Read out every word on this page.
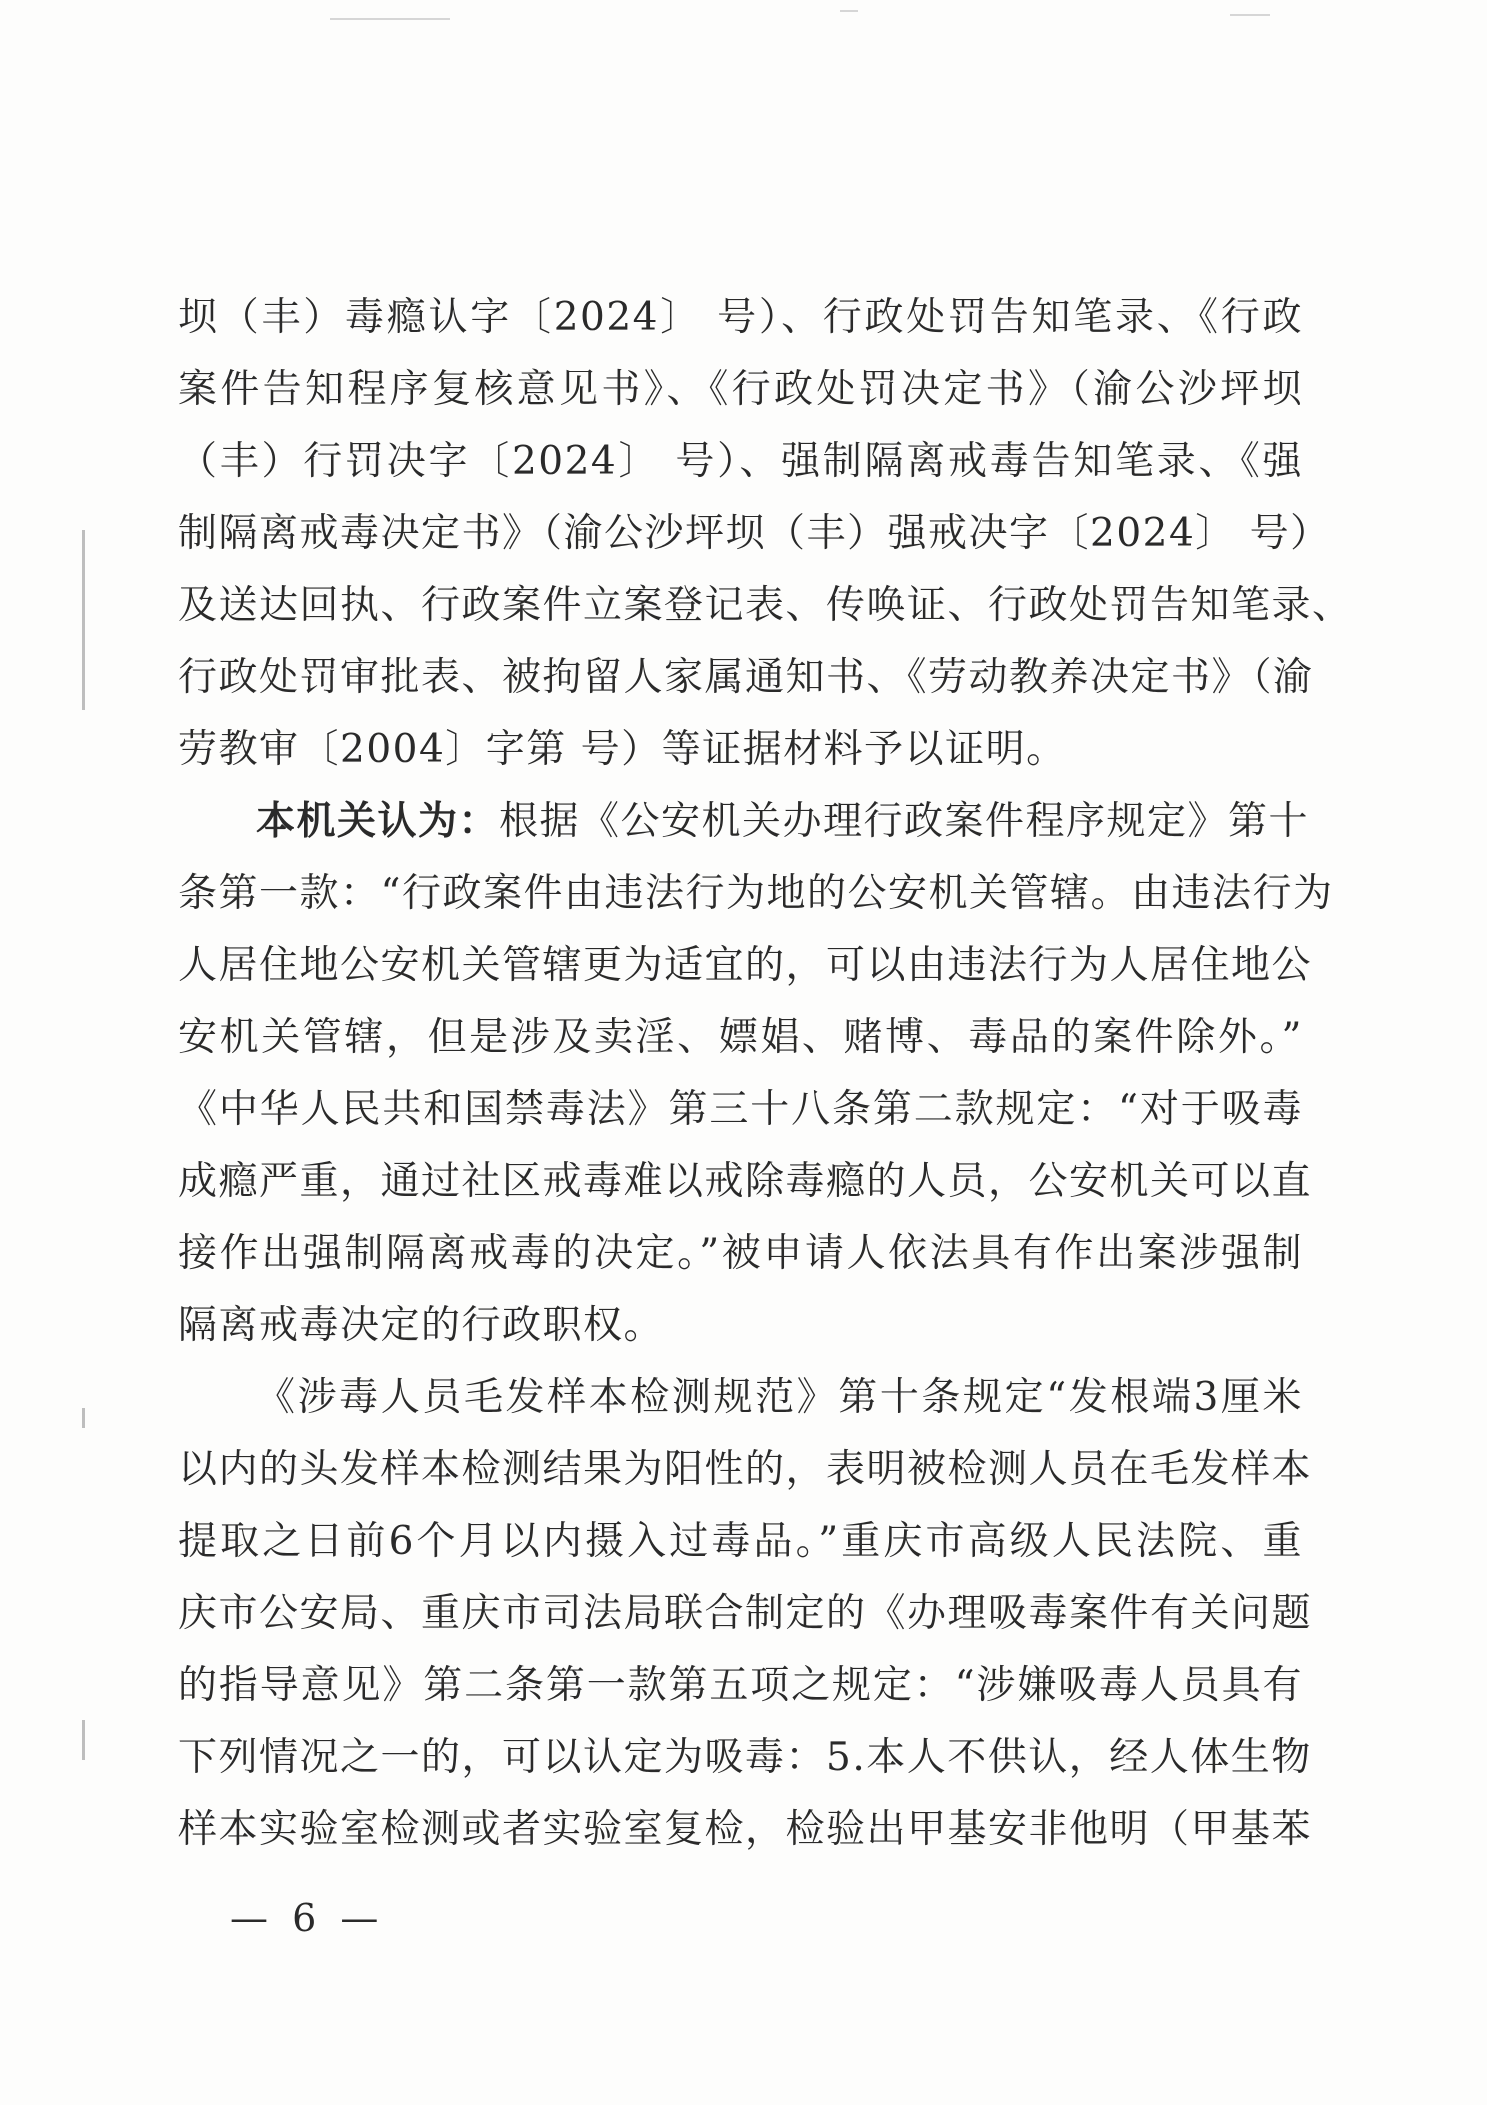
坝（丰）毒瘾认字〔2024〕 号）、行政处罚告知笔录、《行政
案件告知程序复核意见书》、《行政处罚决定书》（渝公沙坪坝
（丰）行罚决字〔2024〕 号）、强制隔离戒毒告知笔录、《强
制隔离戒毒决定书》（渝公沙坪坝（丰）强戒决字〔2024〕 号）
及送达回执、行政案件立案登记表、传唤证、行政处罚告知笔录、
行政处罚审批表、被拘留人家属通知书、《劳动教养决定书》（渝
劳教审〔2004〕字第 号）等证据材料予以证明。
本机关认为：根据《公安机关办理行政案件程序规定》第十
条第一款：“行政案件由违法行为地的公安机关管辖。由违法行为
人居住地公安机关管辖更为适宜的，可以由违法行为人居住地公
安机关管辖，但是涉及卖淫、嫖娼、赌博、毒品的案件除外。”
《中华人民共和国禁毒法》第三十八条第二款规定：“对于吸毒
成瘾严重，通过社区戒毒难以戒除毒瘾的人员，公安机关可以直
接作出强制隔离戒毒的决定。”被申请人依法具有作出案涉强制
隔离戒毒决定的行政职权。
《涉毒人员毛发样本检测规范》第十条规定“发根端3厘米
以内的头发样本检测结果为阳性的，表明被检测人员在毛发样本
提取之日前6个月以内摄入过毒品。”重庆市高级人民法院、重
庆市公安局、重庆市司法局联合制定的《办理吸毒案件有关问题
的指导意见》第二条第一款第五项之规定：“涉嫌吸毒人员具有
下列情况之一的，可以认定为吸毒：5.本人不供认，经人体生物
样本实验室检测或者实验室复检，检验出甲基安非他明（甲基苯
— 6 —
